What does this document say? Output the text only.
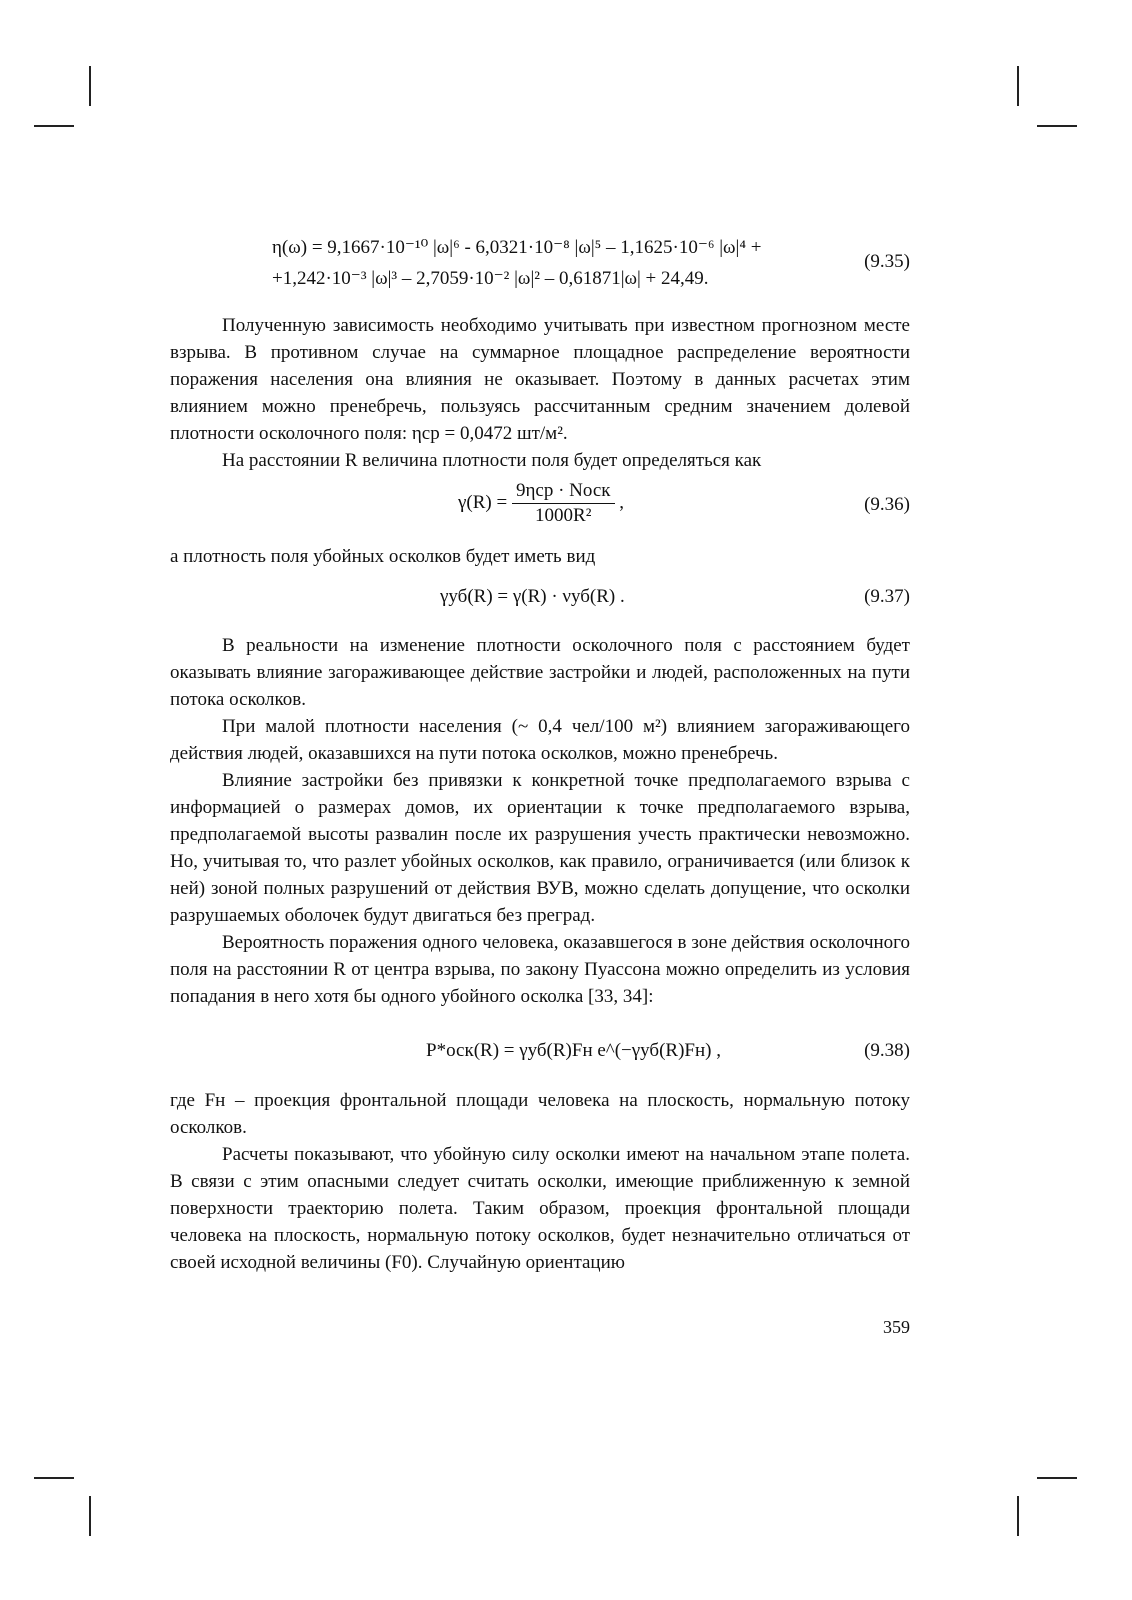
η(ω) = 9,1667·10⁻¹⁰ |ω|⁶ - 6,0321·10⁻⁸ |ω|⁵ – 1,1625·10⁻⁶ |ω|⁴ +
+1,242·10⁻³ |ω|³ – 2,7059·10⁻² |ω|² – 0,61871|ω| + 24,49.
(9.35)

Полученную зависимость необходимо учитывать при известном прогнозном месте взрыва. В противном случае на суммарное площадное распределение вероятности поражения населения она влияния не оказывает. Поэтому в данных расчетах этим влиянием можно пренебречь, пользуясь рассчитанным средним значением долевой плотности осколочного поля: ηср = 0,0472 шт/м².

На расстоянии R величина плотности поля будет определяться как

$\gamma(R) = \frac{\text{9ηср · Nоск}}{\text{1000R²}}$ ,	(9.36)

а плотность поля убойных осколков будет иметь вид

γуб(R) = γ(R) · νуб(R) .	(9.37)

В реальности на изменение плотности осколочного поля с расстоянием будет оказывать влияние загораживающее действие застройки и людей, расположенных на пути потока осколков.

При малой плотности населения (~ 0,4 чел/100 м²) влиянием загораживающего действия людей, оказавшихся на пути потока осколков, можно пренебречь.

Влияние застройки без привязки к конкретной точке предполагаемого взрыва с информацией о размерах домов, их ориентации к точке предполагаемого взрыва, предполагаемой высоты развалин после их разрушения учесть практически невозможно. Но, учитывая то, что разлет убойных осколков, как правило, ограничивается (или близок к ней) зоной полных разрушений от действия ВУВ, можно сделать допущение, что осколки разрушаемых оболочек будут двигаться без преград.

Вероятность поражения одного человека, оказавшегося в зоне действия осколочного поля на расстоянии R от центра взрыва, по закону Пуассона можно определить из условия попадания в него хотя бы одного убойного осколка [33, 34]:

P*оск(R) = γуб(R)Fн e^(−γуб(R)Fн) ,	(9.38)

где Fн – проекция фронтальной площади человека на плоскость, нормальную потоку осколков.

Расчеты показывают, что убойную силу осколки имеют на начальном этапе полета. В связи с этим опасными следует считать осколки, имеющие приближенную к земной поверхности траекторию полета. Таким образом, проекция фронтальной площади человека на плоскость, нормальную потоку осколков, будет незначительно отличаться от своей исходной величины (F0). Случайную ориентацию

359
